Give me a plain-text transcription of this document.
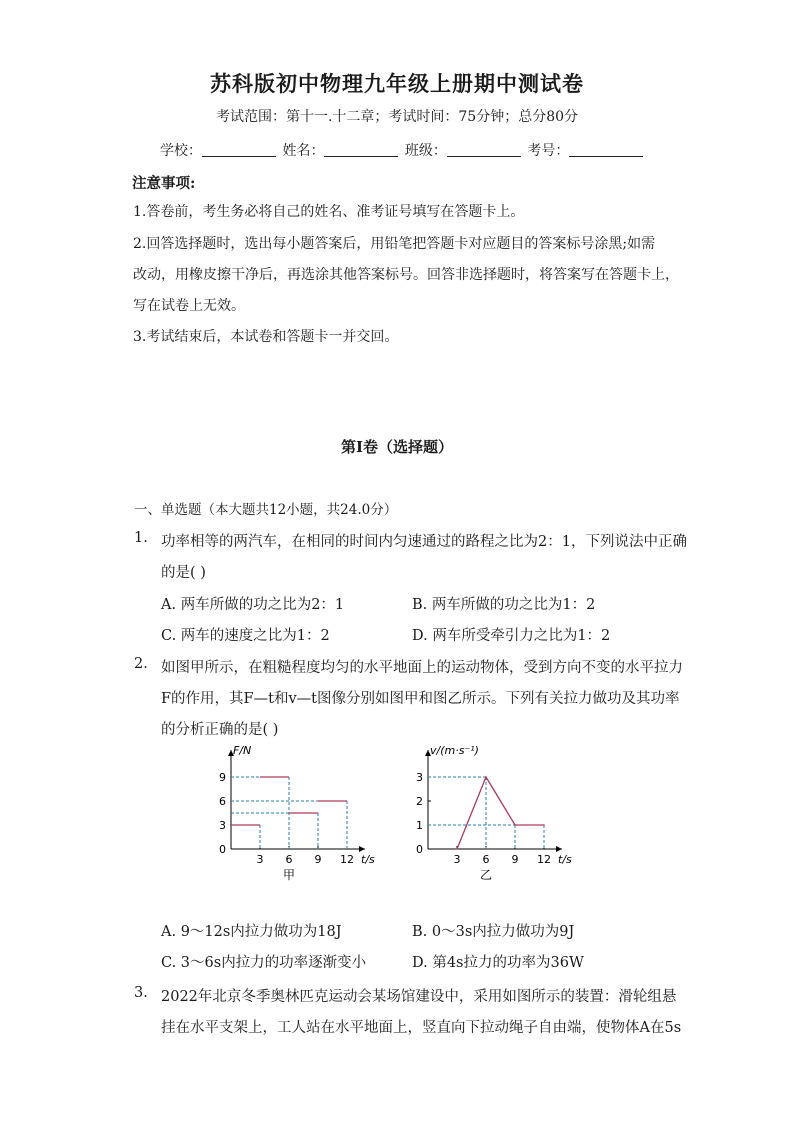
苏科版初中物理九年级上册期中测试卷
考试范围：第十一.十二章；考试时间：75分钟；总分80分
学校：	姓名：	班级：	考号：
注意事项:
1.答卷前，考生务必将自己的姓名、准考证号填写在答题卡上。
2.回答选择题时，选出每小题答案后，用铅笔把答题卡对应题目的答案标号涂黑;如需
改动，用橡皮擦干净后，再选涂其他答案标号。回答非选择题时，将答案写在答题卡上，
写在试卷上无效。
3.考试结束后，本试卷和答题卡一并交回。
第I卷（选择题）
一、单选题（本大题共12小题，共24.0分）
1. 功率相等的两汽车，在相同的时间内匀速通过的路程之比为2：1，下列说法中正确
的是( )
A. 两车所做的功之比为2：1	B. 两车所做的功之比为1：2
C. 两车的速度之比为1：2	D. 两车所受牵引力之比为1：2
2. 如图甲所示，在粗糙程度均匀的水平地面上的运动物体，受到方向不变的水平拉力
F的作用，其F—t和v—t图像分别如图甲和图乙所示。下列有关拉力做功及其功率
的分析正确的是( )
F/N
t/s
0
3 6 9 12
3
6
9
甲
v/(m·s⁻¹)
t/s
0
3 6 9 12
1
2
3
乙
A. 9～12s内拉力做功为18J	B. 0～3s内拉力做功为9J
C. 3～6s内拉力的功率逐渐变小	D. 第4s拉力的功率为36W
3. 2022年北京冬季奥林匹克运动会某场馆建设中，采用如图所示的装置：滑轮组悬
挂在水平支架上，工人站在水平地面上，竖直向下拉动绳子自由端，使物体A在5s
